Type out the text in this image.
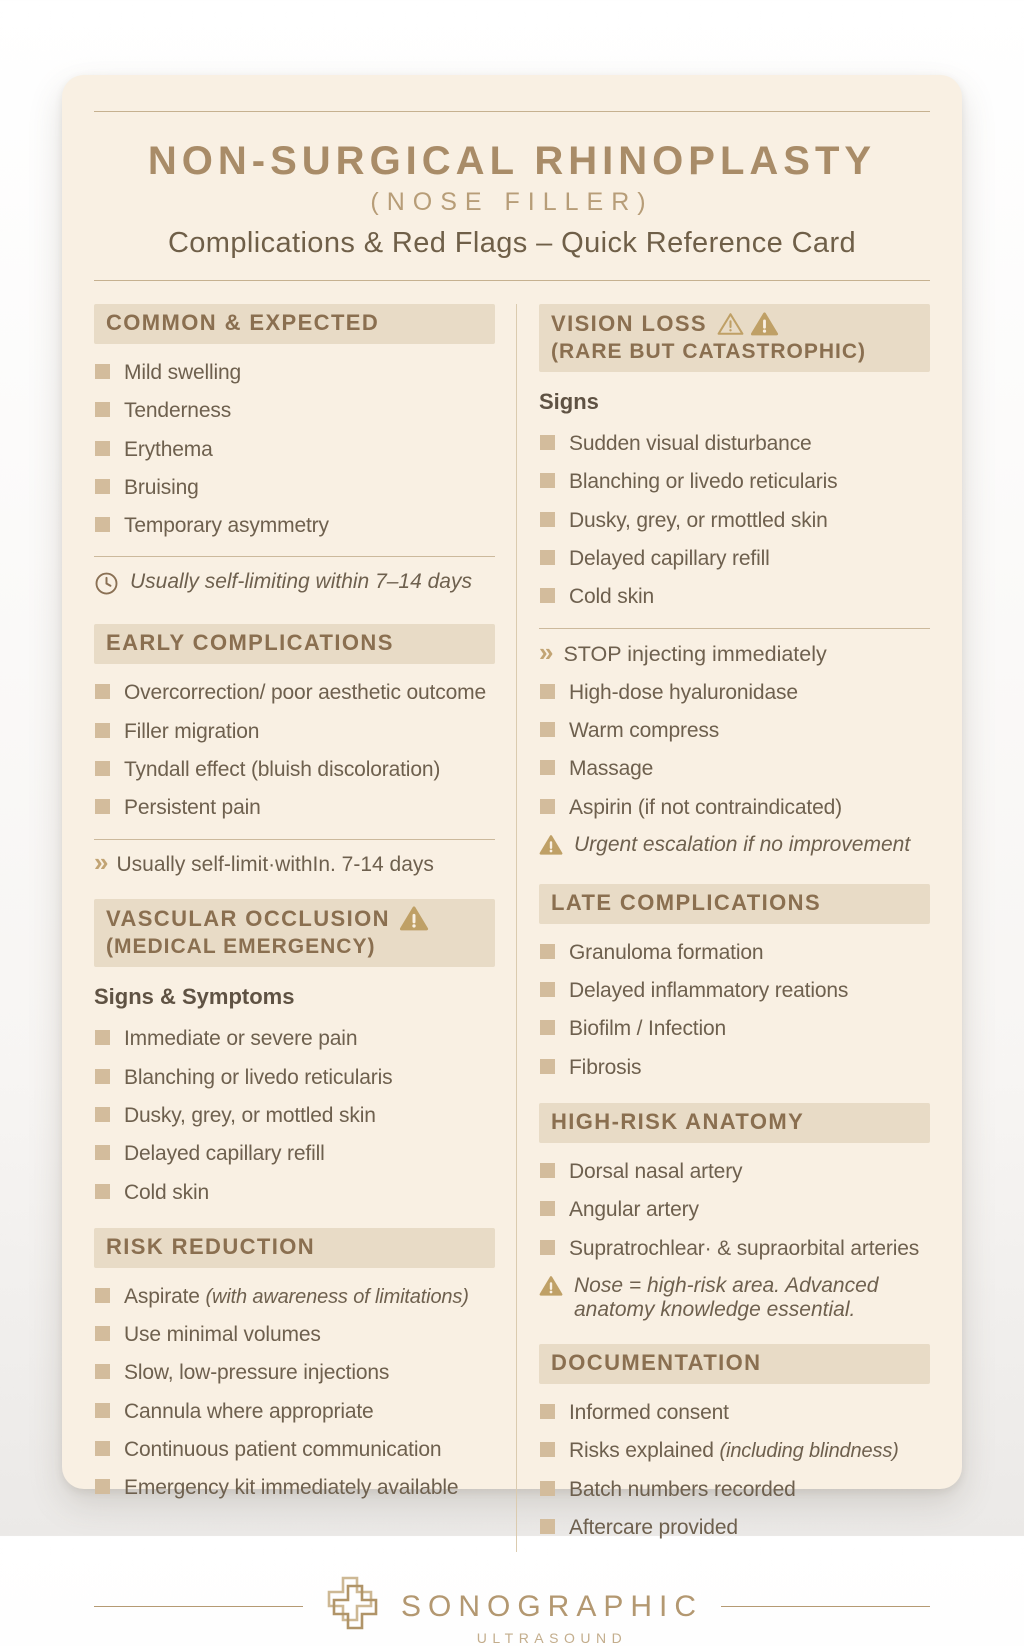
NON-SURGICAL RHINOPLASTY
(NOSE FILLER)
Complications & Red Flags – Quick Reference Card
COMMON & EXPECTED
Mild swelling
Tenderness
Erythema
Bruising
Temporary asymmetry
Usually self-limiting within 7–14 days
EARLY COMPLICATIONS
Overcorrection/ poor aesthetic outcome
Filler migration
Tyndall effect (bluish discoloration)
Persistent pain
» Usually self-limit·withIn. 7-14 days
VASCULAR OCCLUSION
(MEDICAL EMERGENCY)
Signs & Symptoms
Immediate or severe pain
Blanching or livedo reticularis
Dusky, grey, or mottled skin
Delayed capillary refill
Cold skin
RISK REDUCTION
Aspirate (with awareness of limitations)
Use minimal volumes
Slow, low-pressure injections
Cannula where appropriate
Continuous patient communication
Emergency kit immediately available
VISION LOSS
(RARE BUT CATASTROPHIC)
Signs
Sudden visual disturbance
Blanching or livedo reticularis
Dusky, grey, or rmottled skin
Delayed capillary refill
Cold skin
» STOP injecting immediately
High-dose hyaluronidase
Warm compress
Massage
Aspirin (if not contraindicated)
Urgent escalation if no improvement
LATE COMPLICATIONS
Granuloma formation
Delayed inflammatory reations
Biofilm / Infection
Fibrosis
HIGH-RISK ANATOMY
Dorsal nasal artery
Angular artery
Supratrochlear· & supraorbital arteries
Nose = high-risk area. Advanced anatomy knowledge essential.
DOCUMENTATION
Informed consent
Risks explained (including blindness)
Batch numbers recorded
Aftercare provided
SONOGRAPHIC
ULTRASOUND
